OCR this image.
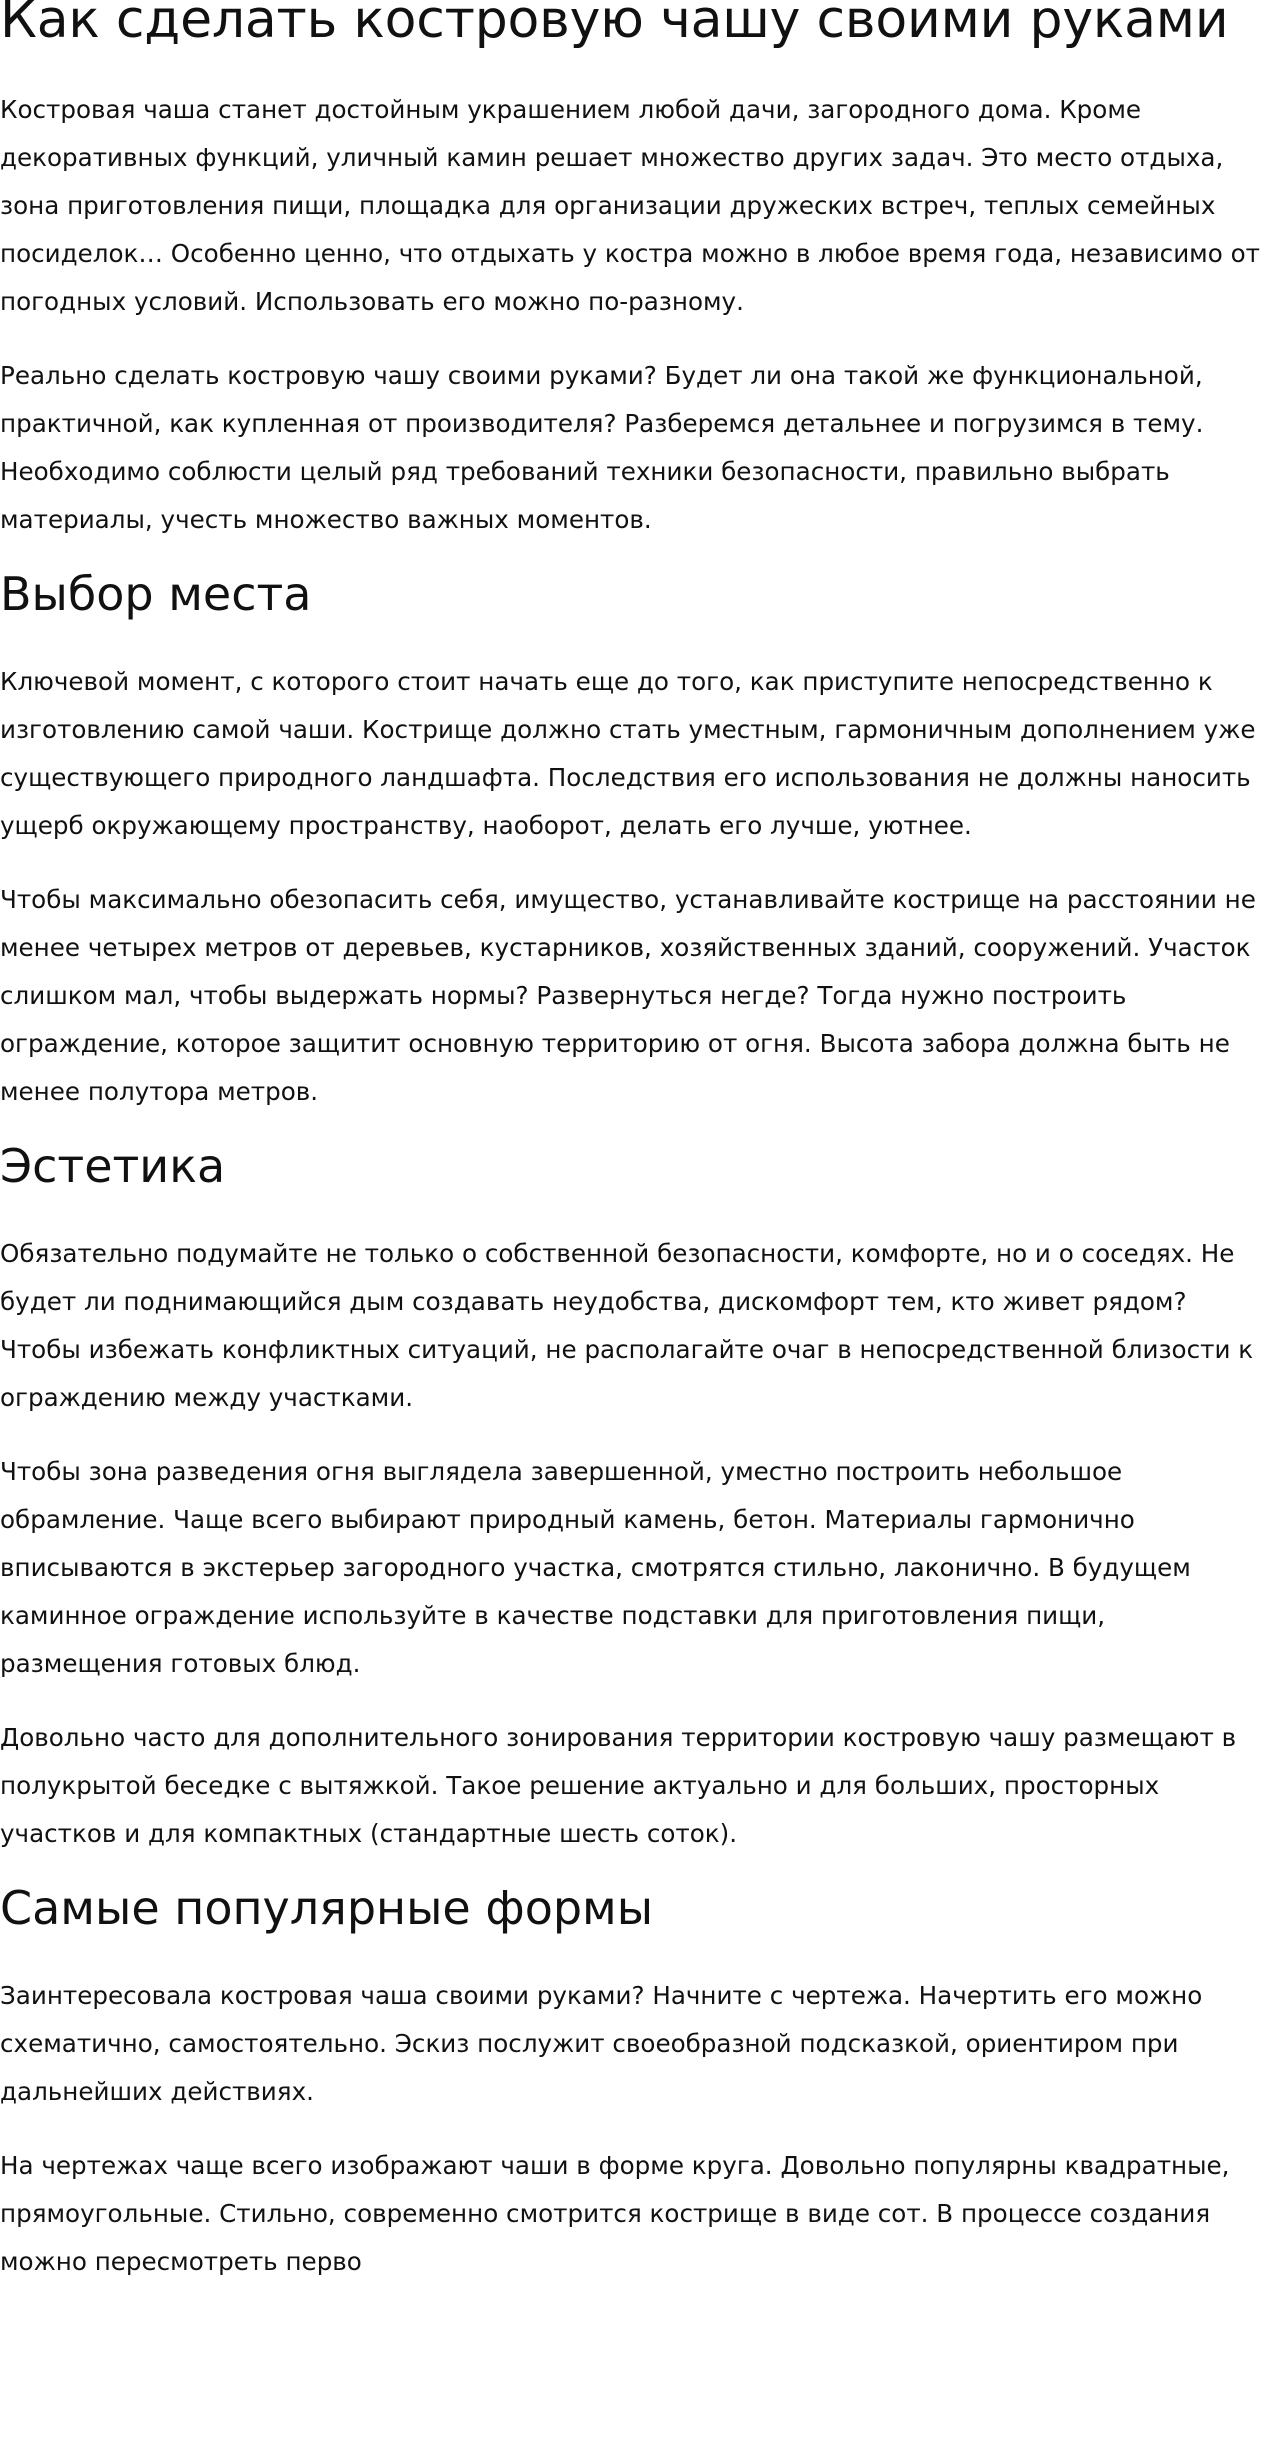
Как сделать костровую чашу своими руками

Костровая чаша станет достойным украшением любой дачи, загородного дома. Кроме декоративных функций, уличный камин решает множество других задач. Это место отдыха, зона приготовления пищи, площадка для организации дружеских встреч, теплых семейных посиделок… Особенно ценно, что отдыхать у костра можно в любое время года, независимо от погодных условий. Использовать его можно по-разному.

Реально сделать костровую чашу своими руками? Будет ли она такой же функциональной, практичной, как купленная от производителя? Разберемся детальнее и погрузимся в тему. Необходимо соблюсти целый ряд требований техники безопасности, правильно выбрать материалы, учесть множество важных моментов.

Выбор места

Ключевой момент, с которого стоит начать еще до того, как приступите непосредственно к изготовлению самой чаши. Кострище должно стать уместным, гармоничным дополнением уже существующего природного ландшафта. Последствия его использования не должны наносить ущерб окружающему пространству, наоборот, делать его лучше, уютнее.

Чтобы максимально обезопасить себя, имущество, устанавливайте кострище на расстоянии не менее четырех метров от деревьев, кустарников, хозяйственных зданий, сооружений. Участок слишком мал, чтобы выдержать нормы? Развернуться негде? Тогда нужно построить ограждение, которое защитит основную территорию от огня. Высота забора должна быть не менее полутора метров.

Эстетика

Обязательно подумайте не только о собственной безопасности, комфорте, но и о соседях. Не будет ли поднимающийся дым создавать неудобства, дискомфорт тем, кто живет рядом? Чтобы избежать конфликтных ситуаций, не располагайте очаг в непосредственной близости к ограждению между участками.

Чтобы зона разведения огня выглядела завершенной, уместно построить небольшое обрамление. Чаще всего выбирают природный камень, бетон. Материалы гармонично вписываются в экстерьер загородного участка, смотрятся стильно, лаконично. В будущем каминное ограждение используйте в качестве подставки для приготовления пищи, размещения готовых блюд.

Довольно часто для дополнительного зонирования территории костровую чашу размещают в полукрытой беседке с вытяжкой. Такое решение актуально и для больших, просторных участков и для компактных (стандартные шесть соток).

Самые популярные формы

Заинтересовала костровая чаша своими руками? Начните с чертежа. Начертить его можно схематично, самостоятельно. Эскиз послужит своеобразной подсказкой, ориентиром при дальнейших действиях.

На чертежах чаще всего изображают чаши в форме круга. Довольно популярны квадратные, прямоугольные. Стильно, современно смотрится кострище в виде сот. В процессе создания можно пересмотреть перво
